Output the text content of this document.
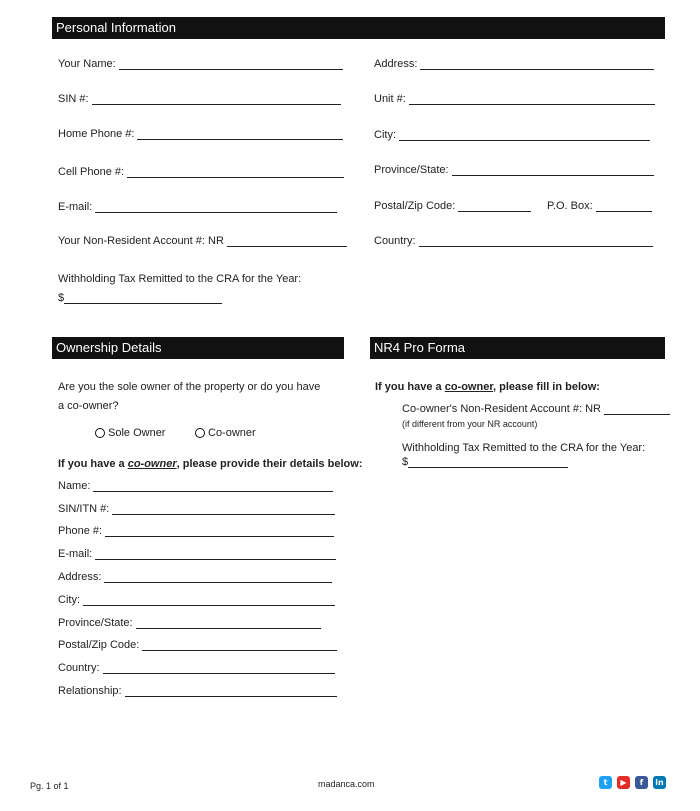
Personal Information
Your Name:
SIN #:
Home Phone #:
Cell Phone #:
E-mail:
Your Non-Resident Account #: NR
Withholding Tax Remitted to the CRA for the Year:
$
Address:
Unit #:
City:
Province/State:
Postal/Zip Code:	P.O. Box:
Country:
Ownership Details	NR4 Pro Forma
Are you the sole owner of the property or do you have
a co-owner?
Sole Owner	Co-owner
If you have a co-owner, please provide their details below:
Name:
SIN/ITN #:
Phone #:
E-mail:
Address:
City:
Province/State:
Postal/Zip Code:
Country:
Relationship:
If you have a co-owner, please fill in below:
Co-owner's Non-Resident Account #: NR
(if different from your NR account)
Withholding Tax Remitted to the CRA for the Year:
$
Pg. 1 of 1	madanca.com	t	▶	f	in
